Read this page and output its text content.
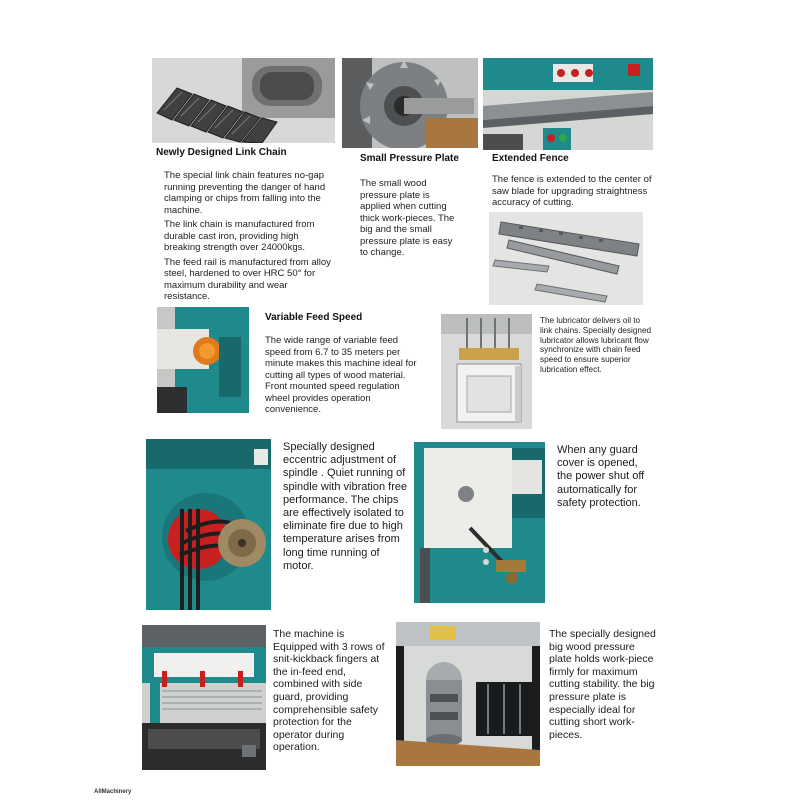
Newly Designed Link Chain

The special link chain features no-gap running preventing the danger of hand clamping or chips from falling into the machine.

The link chain is manufactured from durable cast iron, providing high breaking strength over 24000kgs.

The feed rail is manufactured from alloy steel, hardened to over HRC 50° for maximum durability and wear resistance.

Small Pressure Plate
The small wood pressure plate is applied when cutting thick work-pieces. The big and the small pressure plate is easy to change.
Extended Fence
The fence is extended to the center of saw blade for upgrading straightness accuracy of cutting.
Variable Feed Speed
The wide range of variable feed speed from 6.7 to 35 meters per minute makes this machine ideal for cutting all types of wood material. Front mounted speed regulation wheel provides operation convenience.
The lubricator delivers oil to link chains. Specially designed lubricator allows lubricant flow synchronize with chain feed speed to ensure superior lubrication effect.
Specially designed eccentric adjustment of spindle . Quiet running of spindle with vibration free performance. The chips are effectively isolated to eliminate fire due to high temperature arises from long time running of motor.
When any guard cover is opened, the power shut off automatically for safety protection.
The machine is Equipped with 3 rows of snit-kickback fingers at the in-feed end, combined with side guard, providing comprehensible safety protection for the operator during operation.
The specially designed big wood pressure plate holds work-piece firmly for maximum cutting stability. the big pressure plate is especially ideal for cutting short work-pieces.
AllMachinery
